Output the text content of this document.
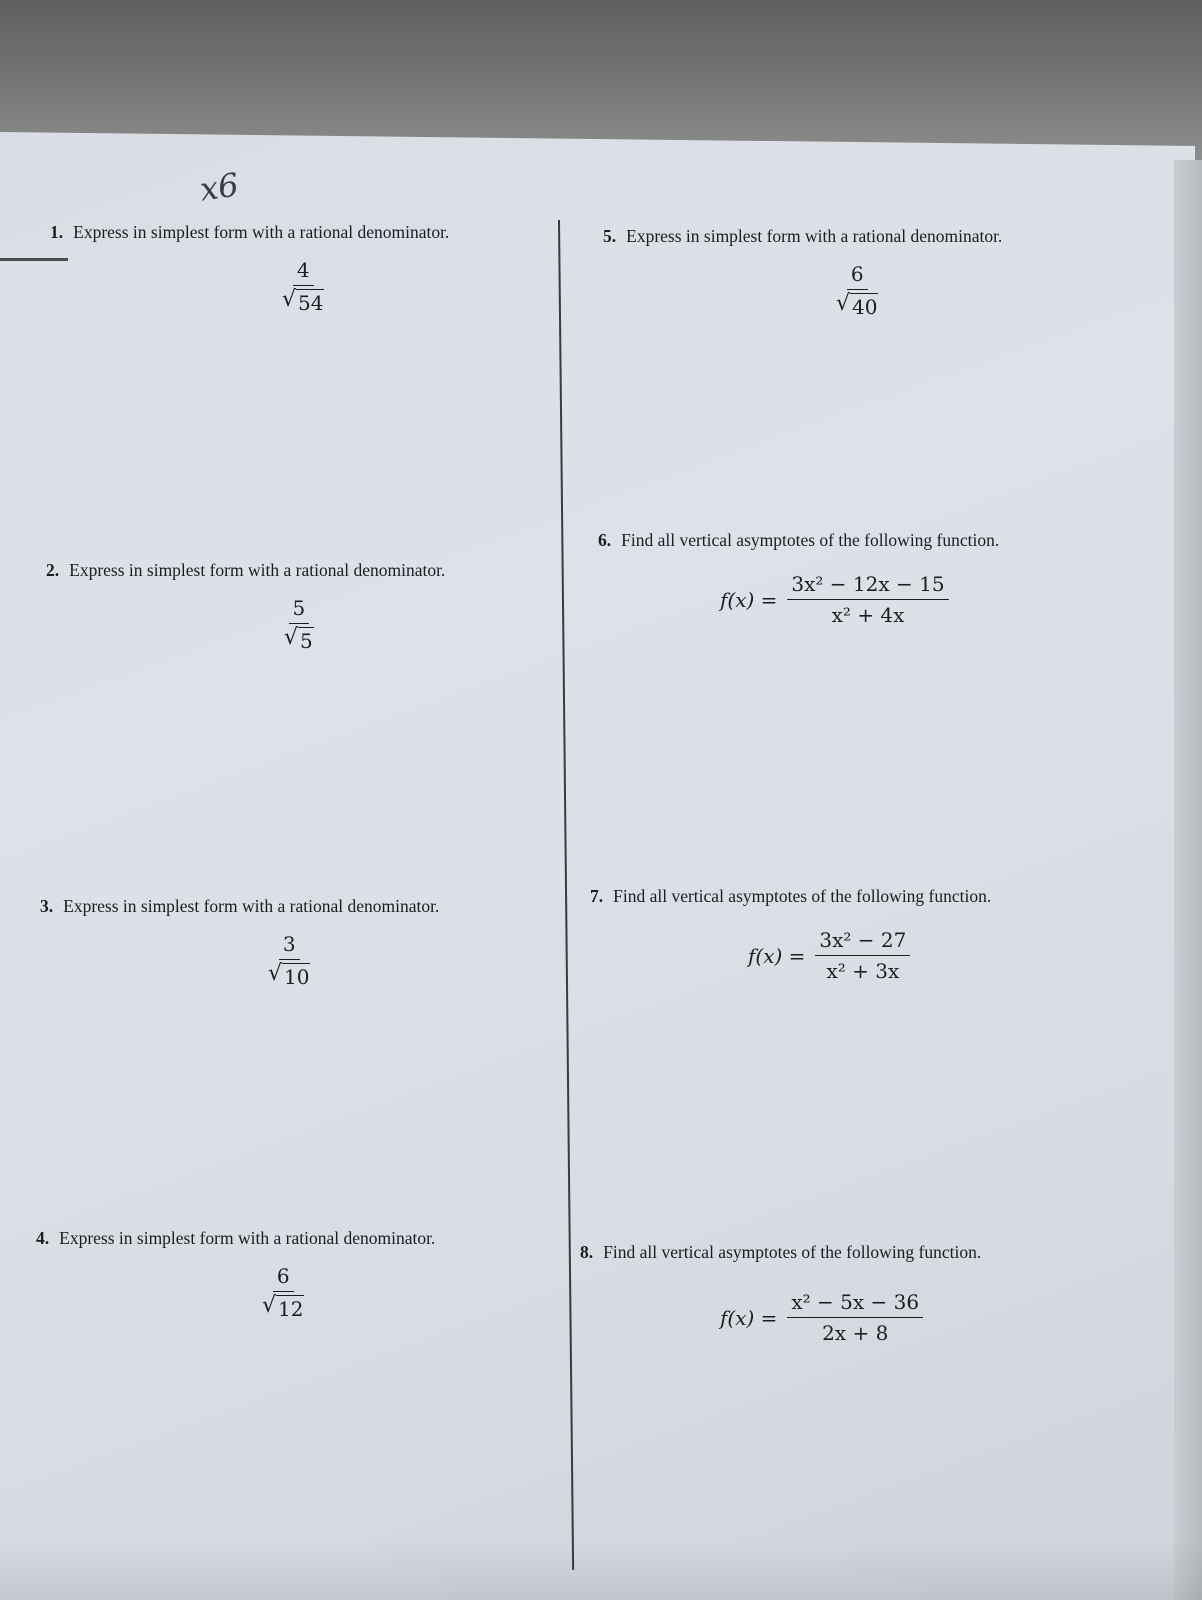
x6
1. Express in simplest form with a rational denominator.
$\frac{4}{√ 54}$
2. Express in simplest form with a rational denominator.
$\frac{5}{√ 5}$
3. Express in simplest form with a rational denominator.
$\frac{3}{√ 10}$
4. Express in simplest form with a rational denominator.
$\frac{6}{√ 12}$
5. Express in simplest form with a rational denominator.
$\frac{6}{√ 40}$
6. Find all vertical asymptotes of the following function.
$f(x) = \frac{\text{3x² − 12x − 15}}{\text{x² + 4x}}$
7. Find all vertical asymptotes of the following function.
$f(x) = \frac{\text{3x² − 27}}{\text{x² + 3x}}$
8. Find all vertical asymptotes of the following function.
$f(x) = \frac{\text{x² − 5x − 36}}{2x + 8}$
